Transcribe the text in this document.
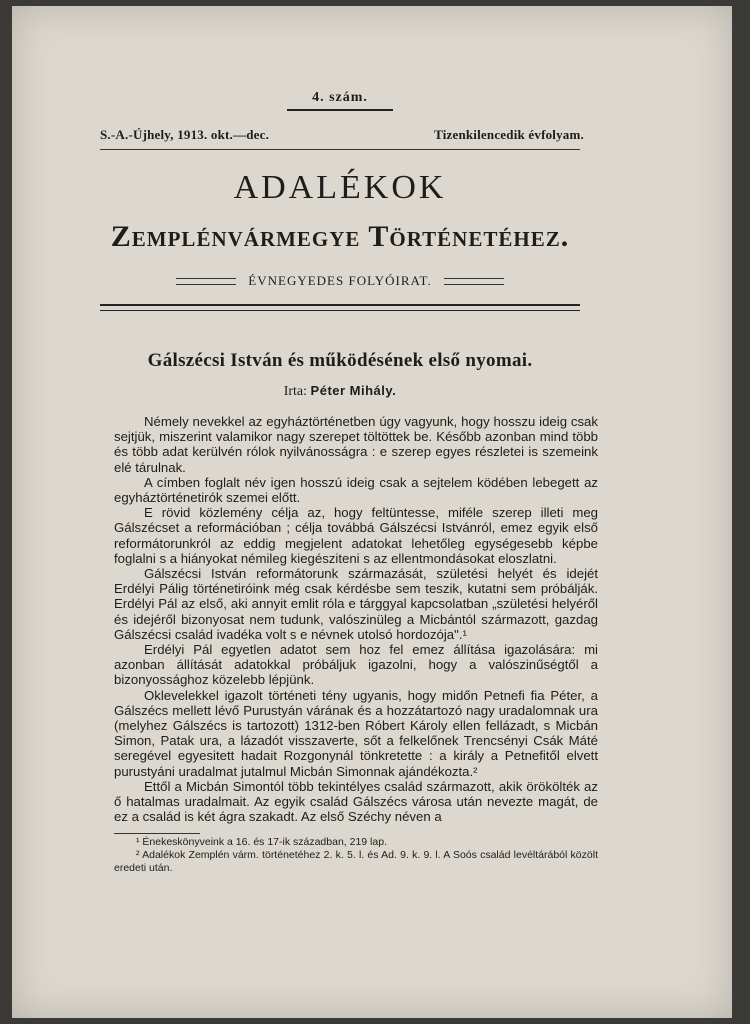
4. szám.
S.-A.-Újhely, 1913. okt.—dec.	Tizenkilencedik évfolyam.
ADALÉKOK
Zemplénvármegye Történetéhez.
ÉVNEGYEDES FOLYÓIRAT.
Gálszécsi István és működésének első nyomai.
Irta: Péter Mihály.

Némely nevekkel az egyháztörténetben úgy vagyunk, hogy hosszu ideig csak sejtjük, miszerint valamikor nagy szerepet töltöttek be. Később azonban mind több és több adat kerülvén rólok nyilvánosságra : e szerep egyes részletei is szemeink elé tárulnak.

A címben foglalt név igen hosszú ideig csak a sejtelem ködében lebegett az egyháztörténetirók szemei előtt.

E rövid közlemény célja az, hogy feltüntesse, miféle szerep illeti meg Gálszécset a reformációban ; célja továbbá Gálszécsi Istvánról, emez egyik első reformátorunkról az eddig megjelent adatokat lehetőleg egységesebb képbe foglalni s a hiányokat némileg kiegésziteni s az ellentmondásokat eloszlatni.

Gálszécsi István reformátorunk származását, születési helyét és idejét Erdélyi Pálig történetiróink még csak kérdésbe sem teszik, kutatni sem próbálják. Erdélyi Pál az első, aki annyit emlit róla e tárggyal kapcsolatban „születési helyéről és idejéről bizonyosat nem tudunk, valószinüleg a Micbántól származott, gazdag Gálszécsi család ivadéka volt s e névnek utolsó hordozója".¹

Erdélyi Pál egyetlen adatot sem hoz fel emez állítása igazolására: mi azonban állítását adatokkal próbáljuk igazolni, hogy a valószinűségtől a bizonyossághoz közelebb lépjünk.

Oklevelekkel igazolt történeti tény ugyanis, hogy midőn Petnefi fia Péter, a Gálszécs mellett lévő Purustyán várának és a hozzátartozó nagy uradalomnak ura (melyhez Gálszécs is tartozott) 1312-ben Róbert Károly ellen fellázadt, s Micbán Simon, Patak ura, a lázadót visszaverte, sőt a felkelőnek Trencsényi Csák Máté seregével egyesitett hadait Rozgonynál tönkretette : a király a Petnefitől elvett purustyáni uradalmat jutalmul Micbán Simonnak ajándékozta.²

Ettől a Micbán Simontól több tekintélyes család származott, akik örökölték az ő hatalmas uradalmait. Az egyik család Gálszécs városa után nevezte magát, de ez a család is két ágra szakadt. Az első Széchy néven a

¹ Énekeskönyveink a 16. és 17-ik században, 219 lap.

² Adalékok Zemplén várm. történetéhez 2. k. 5. l. és Ad. 9. k. 9. l. A Soós család levéltárából közölt eredeti után.
